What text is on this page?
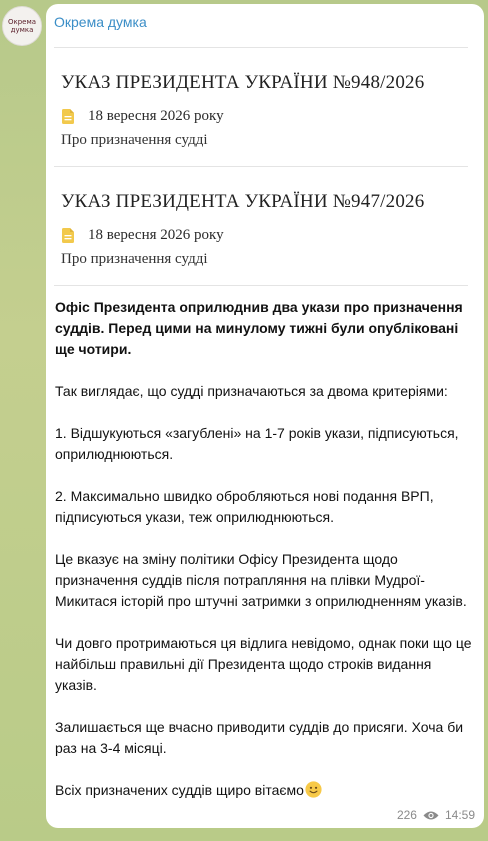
Окрема
думка Окрема думка
УКАЗ ПРЕЗИДЕНТА УКРАЇНИ №948/2026
18 вересня 2026 року
Про призначення судді
УКАЗ ПРЕЗИДЕНТА УКРАЇНИ №947/2026
18 вересня 2026 року
Про призначення судді

Офіс Президента оприлюднив два укази про призначення суддів. Перед цими на минулому тижні були опубліковані ще чотири.

Так виглядає, що судді призначаються за двома критеріями:

1. Відшукуються «загублені» на 1-7 років укази, підписуються, оприлюднюються.

2. Максимально швидко обробляються нові подання ВРП, підписуються укази, теж оприлюднюються.

Це вказує на зміну політики Офісу Президента щодо призначення суддів після потрапляння на плівки Мудрої-Микитася історій про штучні затримки з оприлюдненням указів.

Чи довго протримаються ця відлига невідомо, однак поки що це найбільш правильні дії Президента щодо строків видання указів.

Залишається ще вчасно приводити суддів до присяги. Хоча би раз на 3-4 місяці.

Всіх призначених суддів щиро вітаємо

226 14:59
